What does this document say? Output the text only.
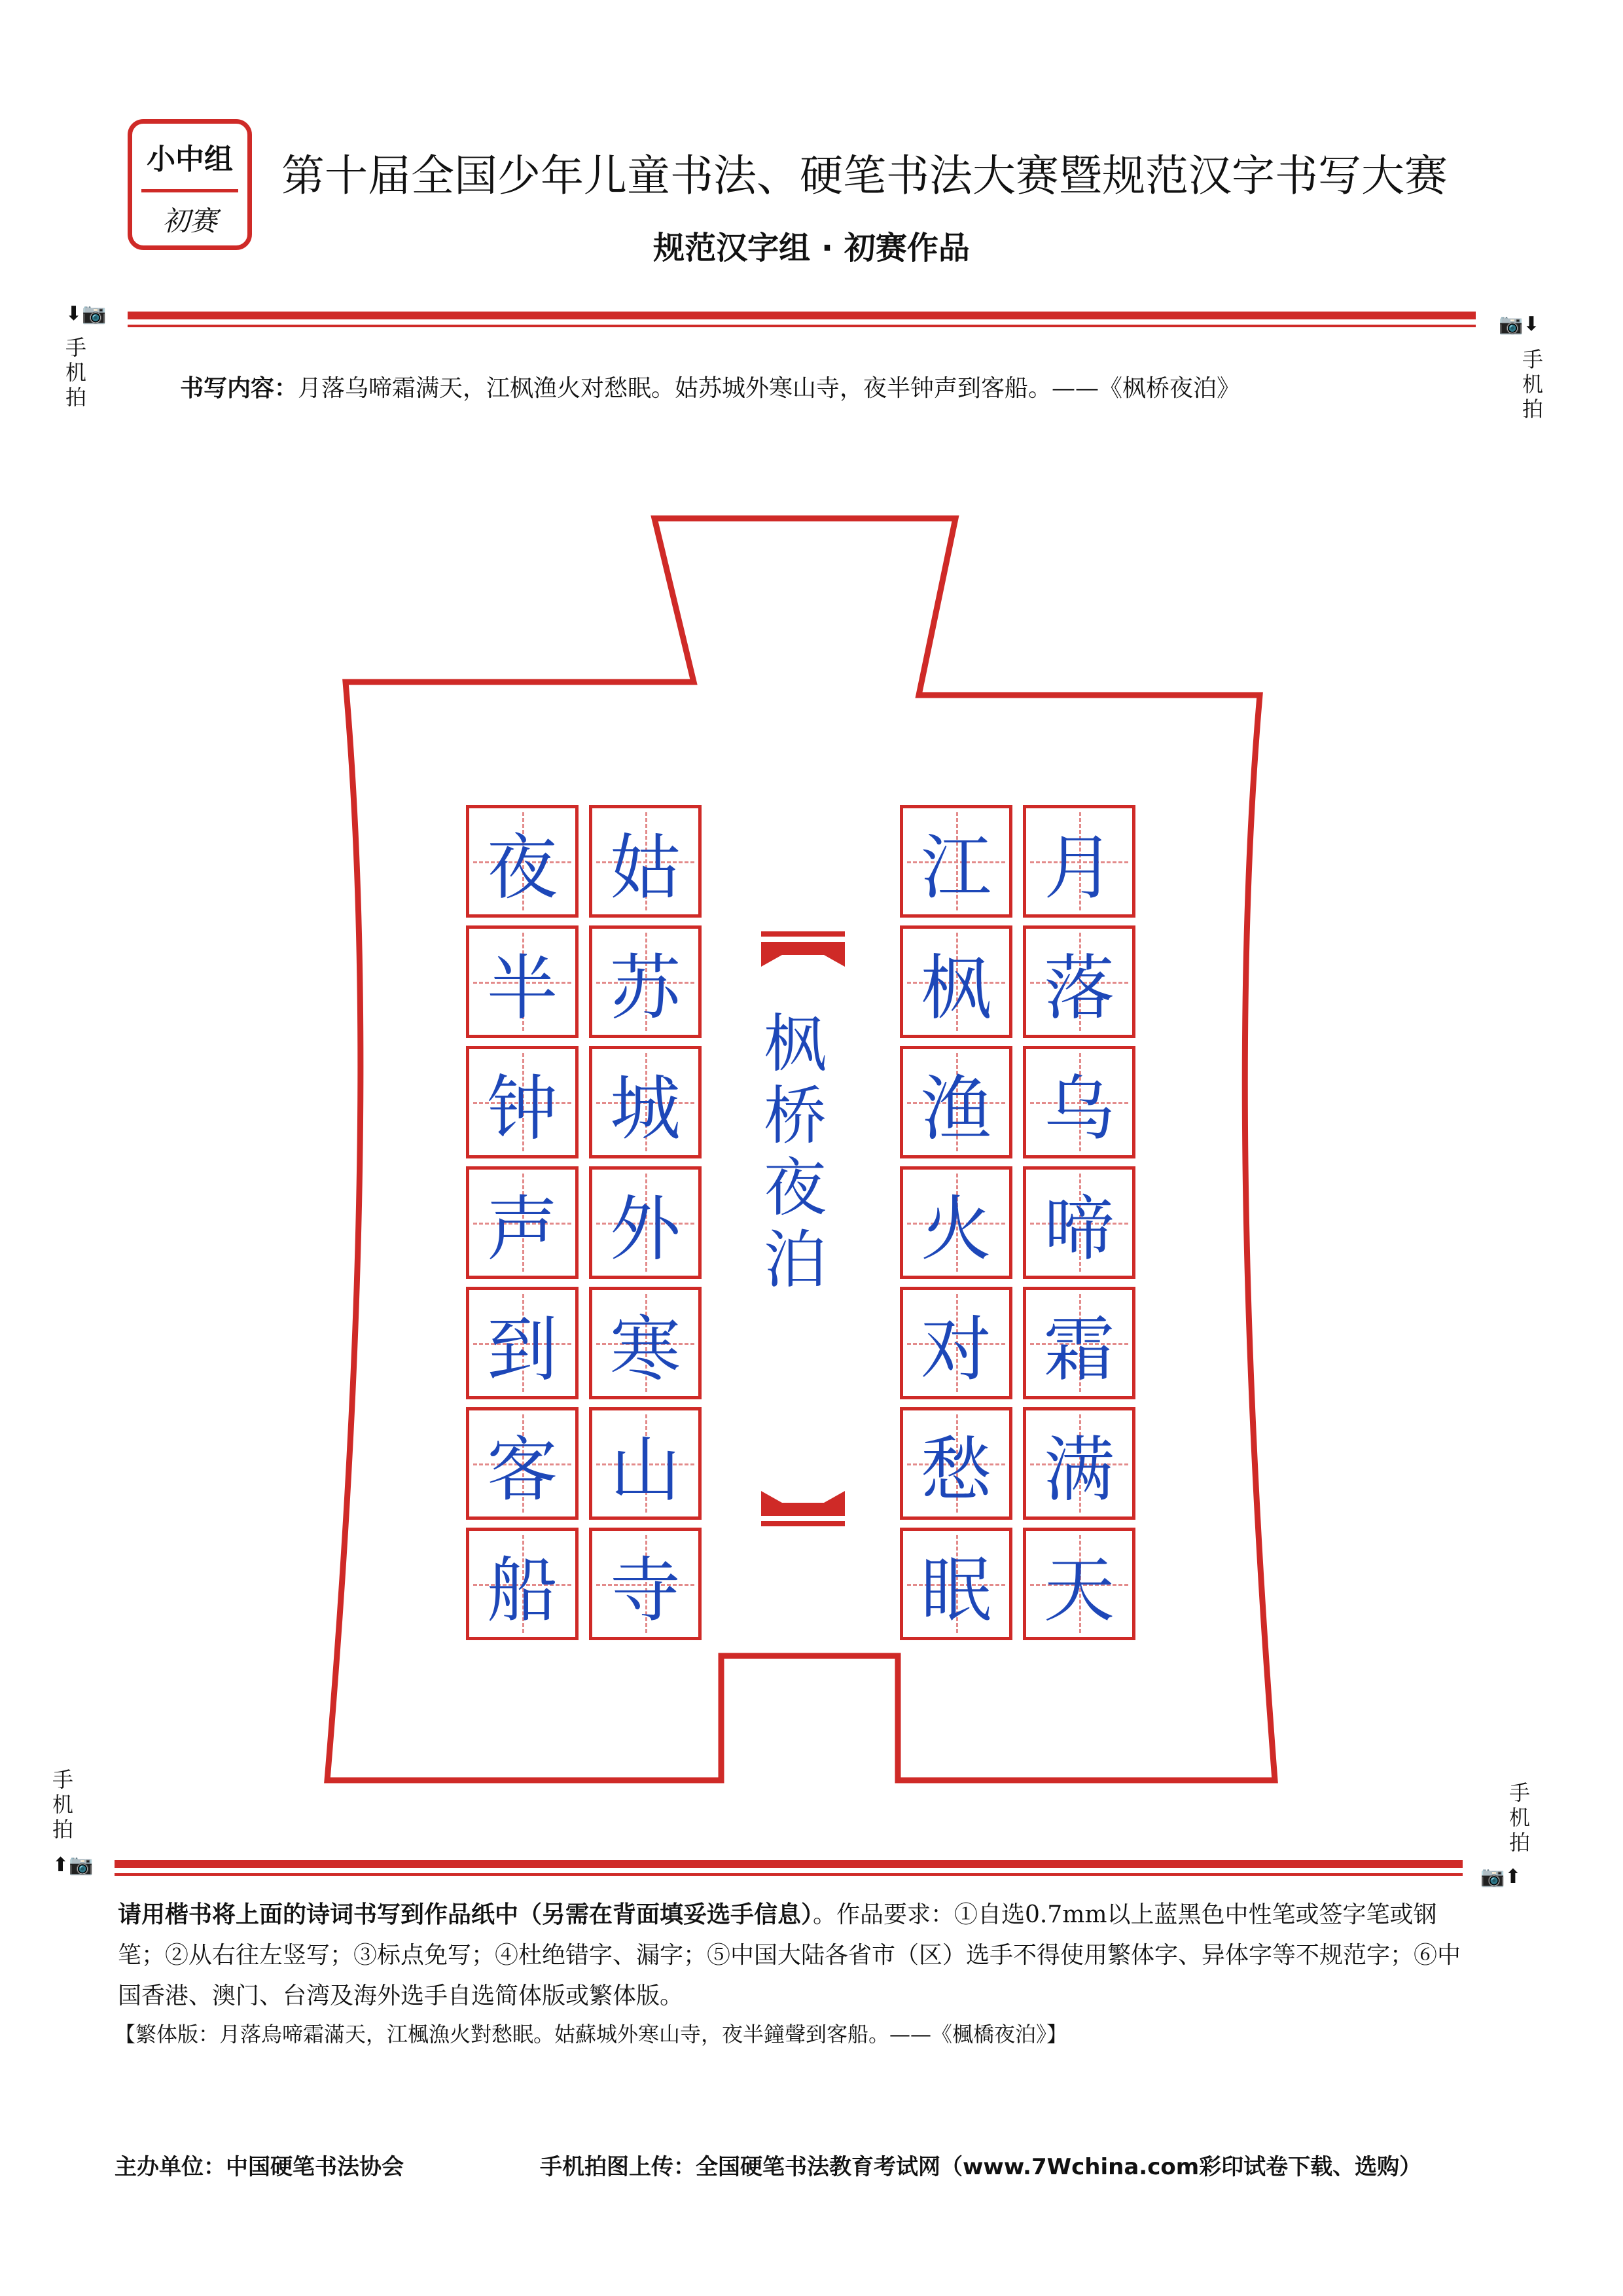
小中组
初赛
第十届全国少年儿童书法、硬笔书法大赛暨规范汉字书写大赛
规范汉字组 · 初赛作品
⬇📷	📷⬇
手机拍
手机拍
书写内容：月落乌啼霜满天，江枫渔火对愁眠。姑苏城外寒山寺，夜半钟声到客船。——《枫桥夜泊》
枫桥夜泊
月
落
乌
啼
霜
满
天
江
枫
渔
火
对
愁
眠
姑
苏
城
外
寒
山
寺
夜
半
钟
声
到
客
船
手机拍
手机拍
⬆📷
📷⬆
请用楷书将上面的诗词书写到作品纸中（另需在背面填妥选手信息）。作品要求：①自选0.7mm以上蓝黑色中性笔或签字笔或钢笔；②从右往左竖写；③标点免写；④杜绝错字、漏字；⑤中国大陆各省市（区）选手不得使用繁体字、异体字等不规范字；⑥中国香港、澳门、台湾及海外选手自选简体版或繁体版。
【繁体版：月落烏啼霜滿天，江楓漁火對愁眠。姑蘇城外寒山寺，夜半鐘聲到客船。——《楓橋夜泊》】
主办单位：中国硬笔书法协会	手机拍图上传：全国硬笔书法教育考试网（www.7Wchina.com彩印试卷下载、选购）
